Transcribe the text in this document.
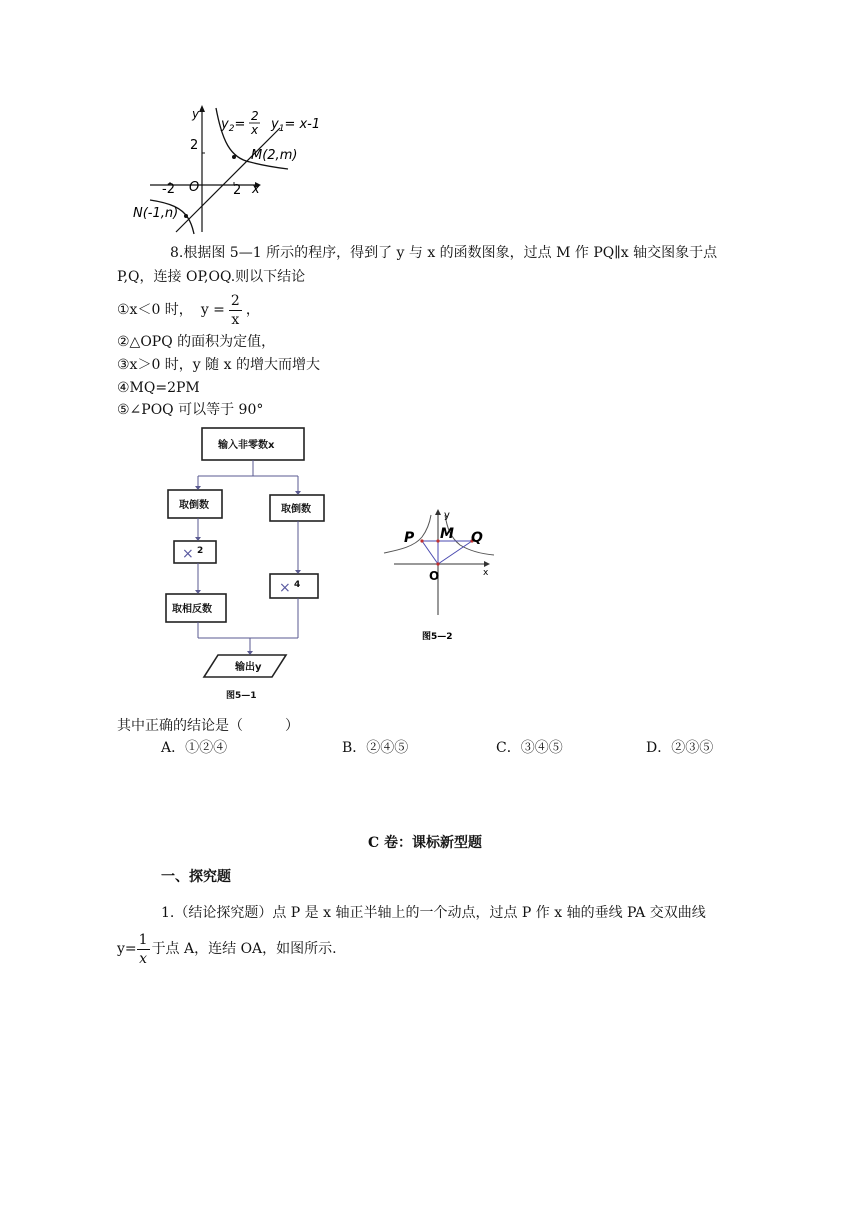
y
x
O
-2	2
2
$y_2=$
2
x $y_1= x-1$
M(2,m)
N(-1,n)
8.根据图 5—1 所示的程序，得到了 y 与 x 的函数图象，过点 M 作 PQ∥x 轴交图象于点
P,Q，连接 OP,OQ.则以下结论
①x＜0 时， $y = \frac{2}{x}$ ，
②△OPQ 的面积为定值，
③x＞0 时，y 随 x 的增大而增大
④MQ=2PM
⑤∠POQ 可以等于 90°
输入非零数x
取倒数	取倒数
取相反数
输出y
图5—1
× 2
× 4
y
x
P M Q
O
图5—2
其中正确的结论是（　　　）
A．①②④	B．②④⑤	C．③④⑤	D．②③⑤
C 卷：课标新型题
一、探究题
1.（结论探究题）点 P 是 x 轴正半轴上的一个动点，过点 P 作 x 轴的垂线 PA 交双曲线
$y= \frac{1}{x}$ 于点 A，连结 OA，如图所示.
